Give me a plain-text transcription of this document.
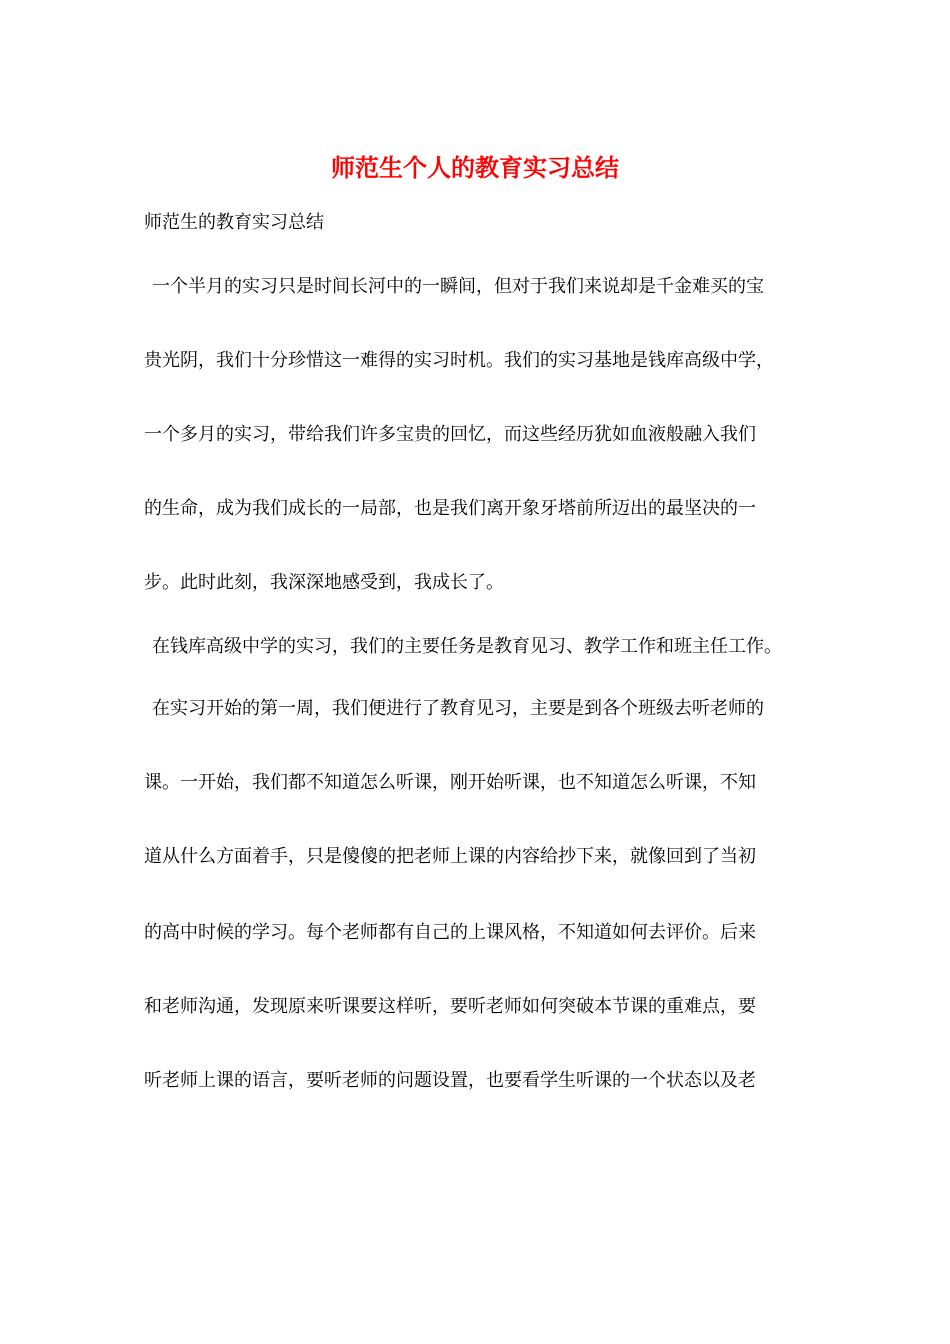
师范生个人的教育实习总结
师范生的教育实习总结
一个半月的实习只是时间长河中的一瞬间，但对于我们来说却是千金难买的宝
贵光阴，我们十分珍惜这一难得的实习时机。我们的实习基地是钱库高级中学，
一个多月的实习，带给我们许多宝贵的回忆，而这些经历犹如血液般融入我们
的生命，成为我们成长的一局部，也是我们离开象牙塔前所迈出的最坚决的一
步。此时此刻，我深深地感受到，我成长了。
在钱库高级中学的实习，我们的主要任务是教育见习、教学工作和班主任工作。
在实习开始的第一周，我们便进行了教育见习，主要是到各个班级去听老师的
课。一开始，我们都不知道怎么听课，刚开始听课，也不知道怎么听课，不知
道从什么方面着手，只是傻傻的把老师上课的内容给抄下来，就像回到了当初
的高中时候的学习。每个老师都有自己的上课风格，不知道如何去评价。后来
和老师沟通，发现原来听课要这样听，要听老师如何突破本节课的重难点，要
听老师上课的语言，要听老师的问题设置，也要看学生听课的一个状态以及老
